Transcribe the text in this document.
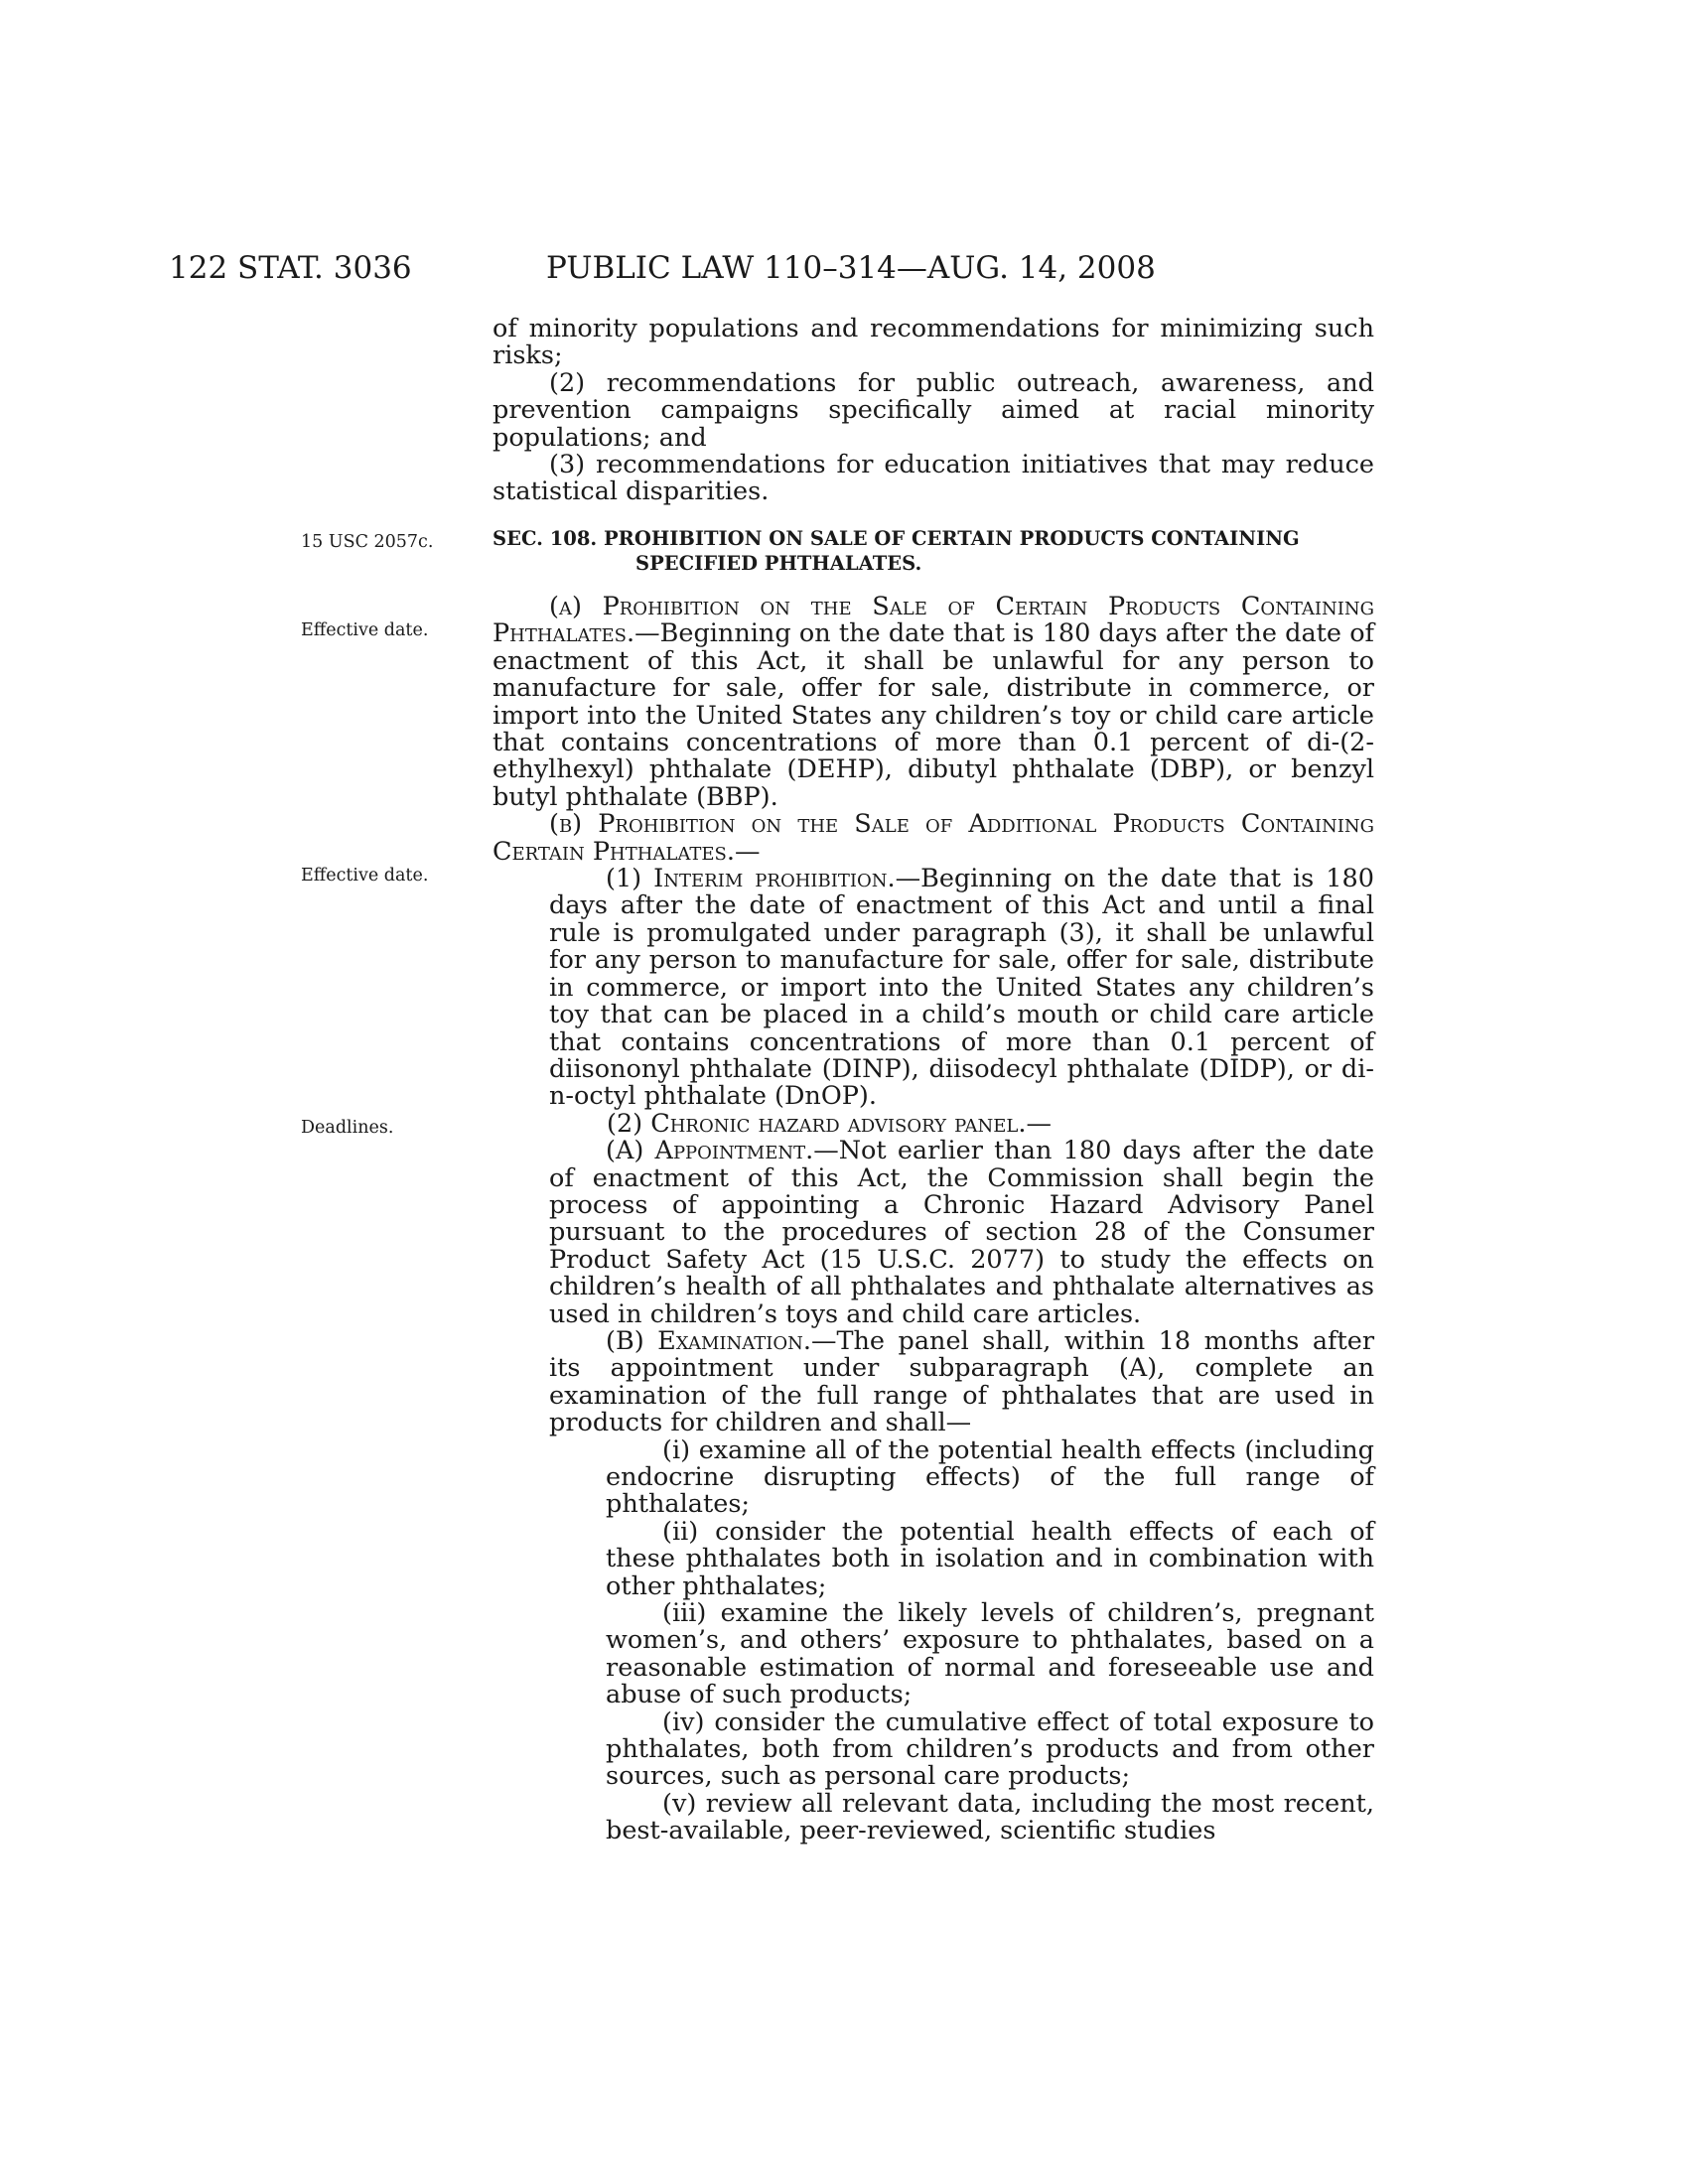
122 STAT. 3036	PUBLIC LAW 110–314—AUG. 14, 2008
15 USC 2057c.
Effective date.
Effective date.
Deadlines.

of minority populations and recommendations for minimizing such risks;

(2) recommendations for public outreach, awareness, and prevention campaigns specifically aimed at racial minority populations; and

(3) recommendations for education initiatives that may reduce statistical disparities.

SEC. 108. PROHIBITION ON SALE OF CERTAIN PRODUCTS CONTAINING
SPECIFIED PHTHALATES.

(a) Prohibition on the Sale of Certain Products Containing Phthalates.—Beginning on the date that is 180 days after the date of enactment of this Act, it shall be unlawful for any person to manufacture for sale, offer for sale, distribute in commerce, or import into the United States any children’s toy or child care article that contains concentrations of more than 0.1 percent of di-(2-ethylhexyl) phthalate (DEHP), dibutyl phthalate (DBP), or benzyl butyl phthalate (BBP).

(b) Prohibition on the Sale of Additional Products Containing Certain Phthalates.—

(1) Interim prohibition.—Beginning on the date that is 180 days after the date of enactment of this Act and until a final rule is promulgated under paragraph (3), it shall be unlawful for any person to manufacture for sale, offer for sale, distribute in commerce, or import into the United States any children’s toy that can be placed in a child’s mouth or child care article that contains concentrations of more than 0.1 percent of diisononyl phthalate (DINP), diisodecyl phthalate (DIDP), or di-n-octyl phthalate (DnOP).

(2) Chronic hazard advisory panel.—

(A) Appointment.—Not earlier than 180 days after the date of enactment of this Act, the Commission shall begin the process of appointing a Chronic Hazard Advisory Panel pursuant to the procedures of section 28 of the Consumer Product Safety Act (15 U.S.C. 2077) to study the effects on children’s health of all phthalates and phthalate alternatives as used in children’s toys and child care articles.

(B) Examination.—The panel shall, within 18 months after its appointment under subparagraph (A), complete an examination of the full range of phthalates that are used in products for children and shall—

(i) examine all of the potential health effects (including endocrine disrupting effects) of the full range of phthalates;

(ii) consider the potential health effects of each of these phthalates both in isolation and in combination with other phthalates;

(iii) examine the likely levels of children’s, pregnant women’s, and others’ exposure to phthalates, based on a reasonable estimation of normal and foreseeable use and abuse of such products;

(iv) consider the cumulative effect of total exposure to phthalates, both from children’s products and from other sources, such as personal care products;

(v) review all relevant data, including the most recent, best-available, peer-reviewed, scientific studies
